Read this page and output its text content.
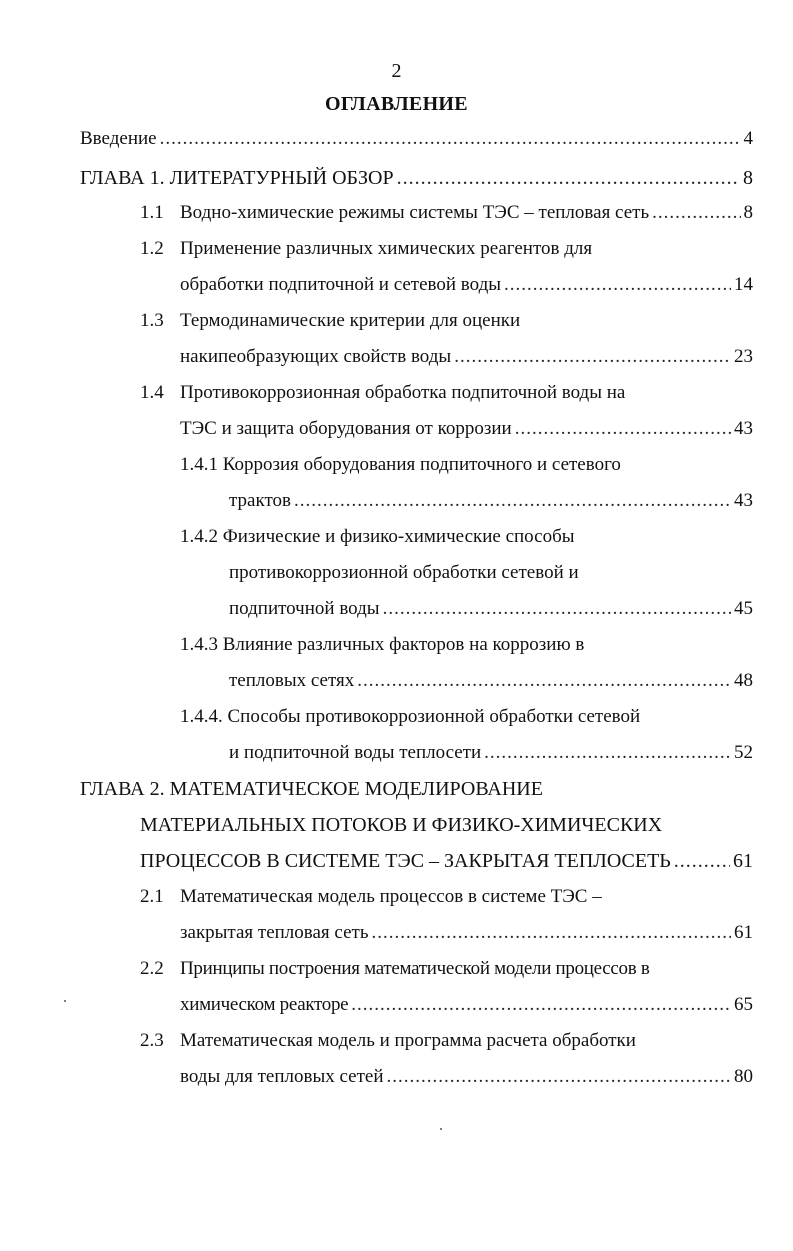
2
ОГЛАВЛЕНИЕ
Введение .....	4
ГЛАВА 1. ЛИТЕРАТУРНЫЙ ОБЗОР .....	8
1.1 Водно-химические режимы системы ТЭС – тепловая сеть .....	8
1.2 Применение различных химических реагентов для
обработки подпиточной и сетевой воды .....	14
1.3 Термодинамические критерии для оценки
накипеобразующих свойств воды .....	23
1.4 Противокоррозионная обработка подпиточной воды на
ТЭС и защита оборудования от коррозии .....	43
1.4.1
Коррозия оборудования подпиточного и сетевого
трактов .....	43
1.4.2
Физические и физико-химические способы
противокоррозионной обработки сетевой и
подпиточной воды .....	45
1.4.3
Влияние различных факторов на коррозию в
тепловых сетях .....	48
1.4.4.
Способы противокоррозионной обработки сетевой
и подпиточной воды теплосети .....	52
ГЛАВА 2. МАТЕМАТИЧЕСКОЕ МОДЕЛИРОВАНИЕ
МАТЕРИАЛЬНЫХ ПОТОКОВ И ФИЗИКО-ХИМИЧЕСКИХ
ПРОЦЕССОВ В СИСТЕМЕ ТЭС – ЗАКРЫТАЯ ТЕПЛОСЕТЬ .....	61
2.1 Математическая модель процессов в системе ТЭС –
закрытая тепловая сеть .....	61
2.2 Принципы построения математической модели процессов в
химическом реакторе .....	65
2.3 Математическая модель и программа расчета обработки
воды для тепловых сетей .....	80
